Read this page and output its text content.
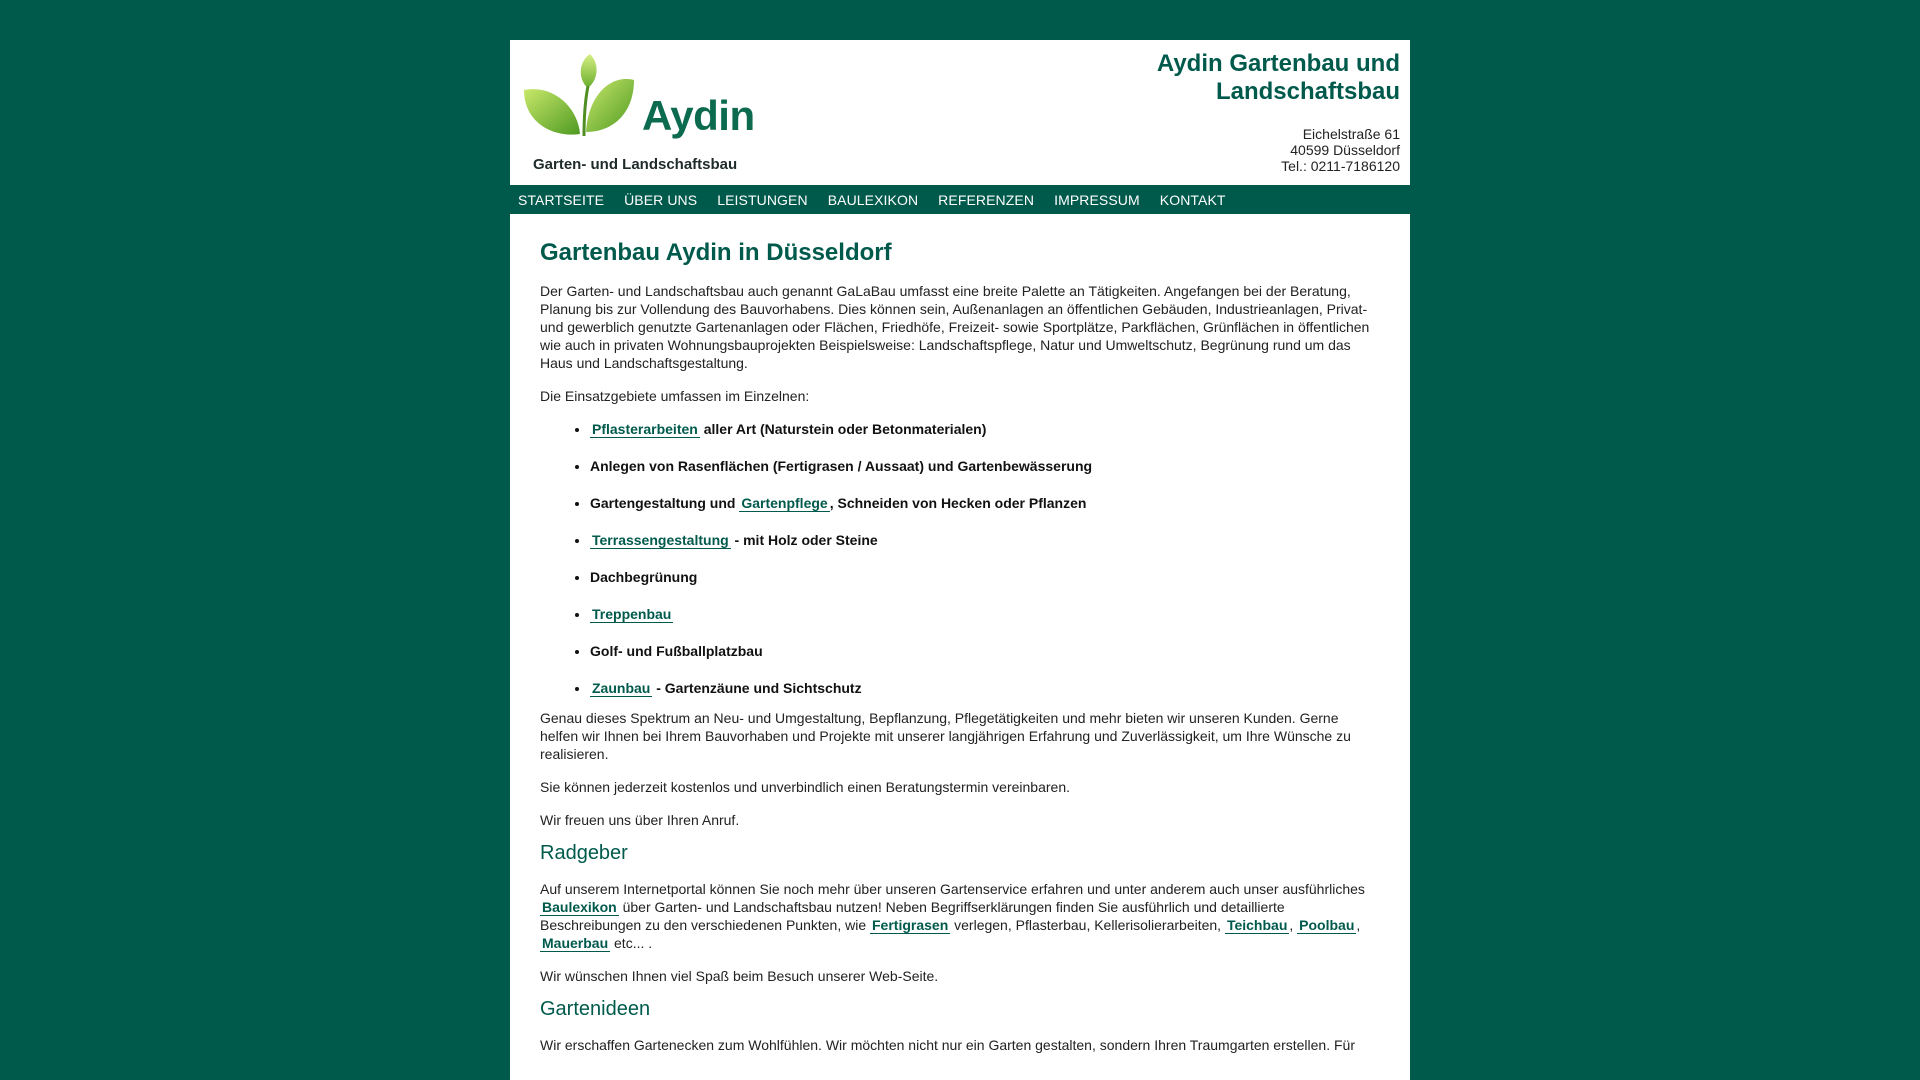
Aydin
Garten- und Landschaftsbau
Aydin Gartenbau und
Landschaftsbau
Eichelstraße 61
40599 Düsseldorf
Tel.: 0211-7186120
STARTSEITE ÜBER UNS LEISTUNGEN BAULEXIKON REFERENZEN IMPRESSUM KONTAKT
Gartenbau Aydin in Düsseldorf

Der Garten- und Landschaftsbau auch genannt GaLaBau umfasst eine breite Palette an Tätigkeiten. Angefangen bei der Beratung, Planung bis zur Vollendung des Bauvorhabens. Dies können sein, Außenanlagen an öffentlichen Gebäuden, Industrieanlagen, Privat- und gewerblich genutzte Gartenanlagen oder Flächen, Friedhöfe, Freizeit- sowie Sportplätze, Parkflächen, Grünflächen in öffentlichen wie auch in privaten Wohnungsbauprojekten Beispielsweise: Landschaftspflege, Natur und Umweltschutz, Begrünung rund um das Haus und Landschaftsgestaltung.

Die Einsatzgebiete umfassen im Einzelnen:

• Pflasterarbeiten aller Art (Naturstein oder Betonmaterialen)
• Anlegen von Rasenflächen (Fertigrasen / Aussaat) und Gartenbewässerung
• Gartengestaltung und Gartenpflege , Schneiden von Hecken oder Pflanzen
• Terrassengestaltung - mit Holz oder Steine
• Dachbegrünung
• Treppenbau
• Golf- und Fußballplatzbau
• Zaunbau - Gartenzäune und Sichtschutz

Genau dieses Spektrum an Neu- und Umgestaltung, Bepflanzung, Pflegetätigkeiten und mehr bieten wir unseren Kunden. Gerne helfen wir Ihnen bei Ihrem Bauvorhaben und Projekte mit unserer langjährigen Erfahrung und Zuverlässigkeit, um Ihre Wünsche zu realisieren.

Sie können jederzeit kostenlos und unverbindlich einen Beratungstermin vereinbaren.

Wir freuen uns über Ihren Anruf.

Radgeber

Auf unserem Internetportal können Sie noch mehr über unseren Gartenservice erfahren und unter anderem auch unser ausführliches Baulexikon über Garten- und Landschaftsbau nutzen! Neben Begriffserklärungen finden Sie ausführlich und detaillierte Beschreibungen zu den verschiedenen Punkten, wie Fertigrasen verlegen, Pflasterbau, Kellerisolierarbeiten, Teichbau , Poolbau , Mauerbau etc... .

Wir wünschen Ihnen viel Spaß beim Besuch unserer Web-Seite.

Gartenideen

Wir erschaffen Gartenecken zum Wohlfühlen. Wir möchten nicht nur ein Garten gestalten, sondern Ihren Traumgarten erstellen. Für
